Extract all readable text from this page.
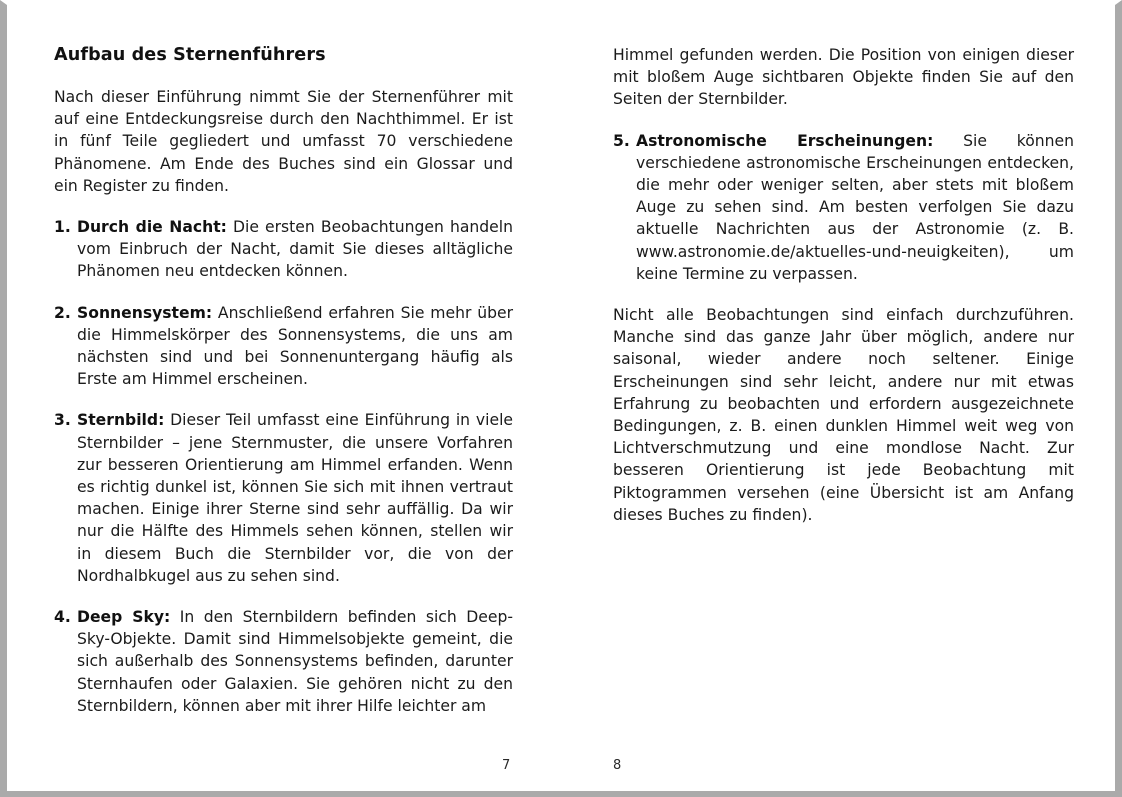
Aufbau des Sternenführers

Nach dieser Einführung nimmt Sie der Sternenführer mit auf eine Entdeckungsreise durch den Nachthimmel. Er ist in fünf Teile gegliedert und umfasst 70 verschiedene Phänomene. Am Ende des Buches sind ein Glossar und ein Register zu finden.

1. Durch die Nacht: Die ersten Beobachtungen handeln vom Einbruch der Nacht, damit Sie dieses alltägliche Phänomen neu entdecken können.
2. Sonnensystem: Anschließend erfahren Sie mehr über die Himmelskörper des Sonnensystems, die uns am nächsten sind und bei Sonnenuntergang häufig als Erste am Himmel erscheinen.
3. Sternbild: Dieser Teil umfasst eine Einführung in viele Sternbilder – jene Sternmuster, die unsere Vorfahren zur besseren Orientierung am Himmel erfanden. Wenn es richtig dunkel ist, können Sie sich mit ihnen vertraut machen. Einige ihrer Sterne sind sehr auffällig. Da wir nur die Hälfte des Himmels sehen können, stellen wir in diesem Buch die Sternbilder vor, die von der Nordhalbkugel aus zu sehen sind.
4. Deep Sky: In den Sternbildern befinden sich Deep-Sky-Objekte. Damit sind Himmelsobjekte gemeint, die sich außerhalb des Sonnensystems befinden, darunter Sternhaufen oder Galaxien. Sie gehören nicht zu den Sternbildern, können aber mit ihrer Hilfe leichter am

Himmel gefunden werden. Die Position von einigen dieser mit bloßem Auge sichtbaren Objekte finden Sie auf den Seiten der Sternbilder.

5. Astronomische Erscheinungen: Sie können verschiedene astronomische Erscheinungen entdecken, die mehr oder weniger selten, aber stets mit bloßem Auge zu sehen sind. Am besten verfolgen Sie dazu aktuelle Nachrichten aus der Astronomie (z. B. www.astronomie.de/aktuelles-und-neuigkeiten), um keine Termine zu verpassen.

Nicht alle Beobachtungen sind einfach durchzuführen. Manche sind das ganze Jahr über möglich, andere nur saisonal, wieder andere noch seltener. Einige Erscheinungen sind sehr leicht, andere nur mit etwas Erfahrung zu beobachten und erfordern ausgezeichnete Bedingungen, z. B. einen dunklen Himmel weit weg von Lichtverschmutzung und eine mondlose Nacht. Zur besseren Orientierung ist jede Beobachtung mit Piktogrammen versehen (eine Übersicht ist am Anfang dieses Buches zu finden).

7	8
